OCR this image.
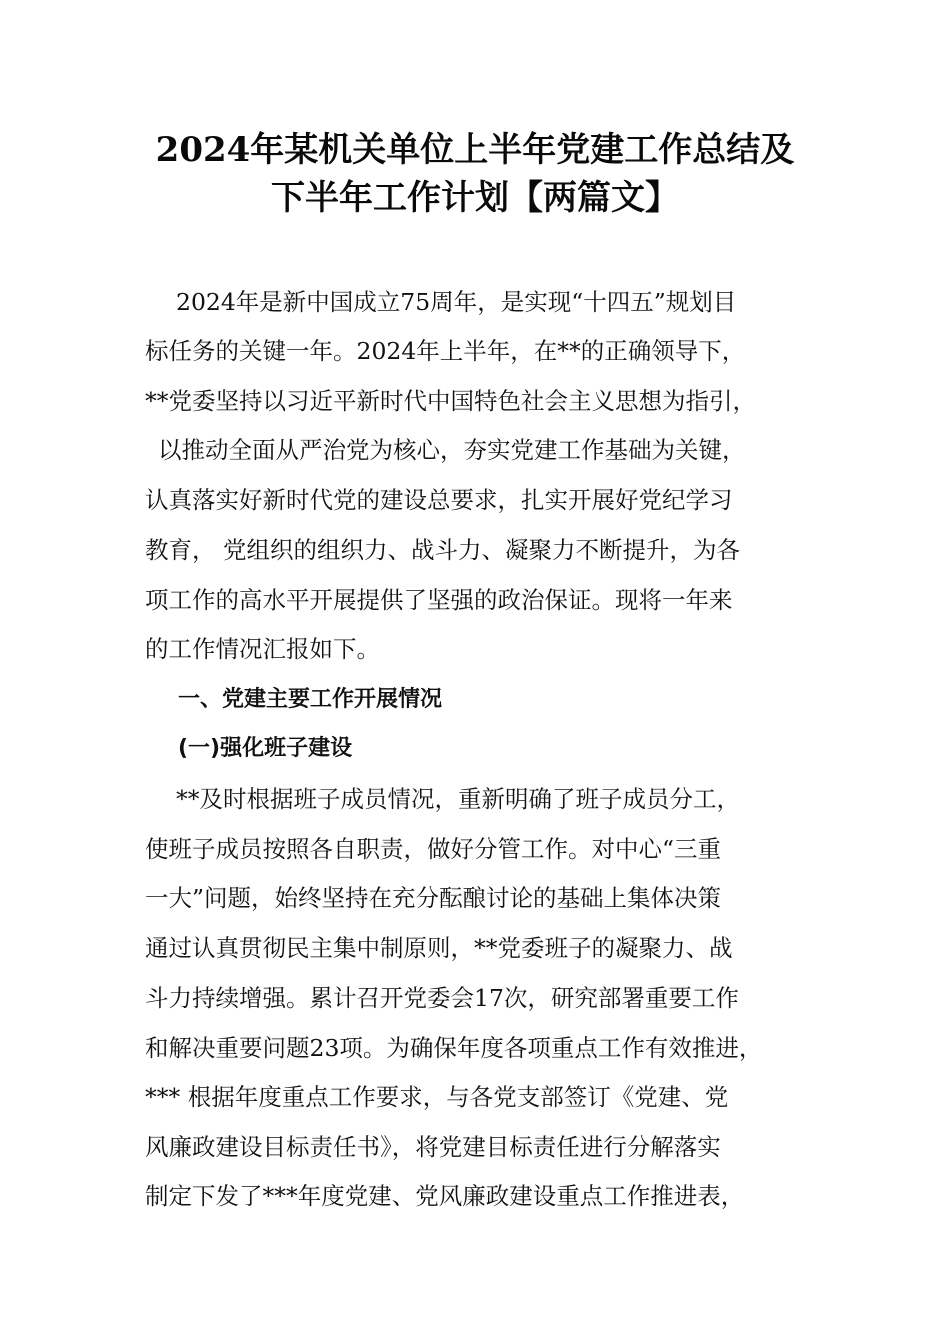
2024年某机关单位上半年党建工作总结及
下半年工作计划【两篇文】
2024年是新中国成立75周年，是实现“十四五”规划目
标任务的关键一年。2024年上半年，在**的正确领导下，
**党委坚持以习近平新时代中国特色社会主义思想为指引，
以推动全面从严治党为核心，夯实党建工作基础为关键，
认真落实好新时代党的建设总要求，扎实开展好党纪学习
教育， 党组织的组织力、战斗力、凝聚力不断提升，为各
项工作的高水平开展提供了坚强的政治保证。现将一年来
的工作情况汇报如下。
一、党建主要工作开展情况
(一)强化班子建设
**及时根据班子成员情况，重新明确了班子成员分工，
使班子成员按照各自职责，做好分管工作。对中心“三重
一大”问题，始终坚持在充分酝酿讨论的基础上集体决策
通过认真贯彻民主集中制原则，**党委班子的凝聚力、战
斗力持续增强。累计召开党委会17次，研究部署重要工作
和解决重要问题23项。为确保年度各项重点工作有效推进，
*** 根据年度重点工作要求，与各党支部签订《党建、党
风廉政建设目标责任书》，将党建目标责任进行分解落实
制定下发了***年度党建、党风廉政建设重点工作推进表，
